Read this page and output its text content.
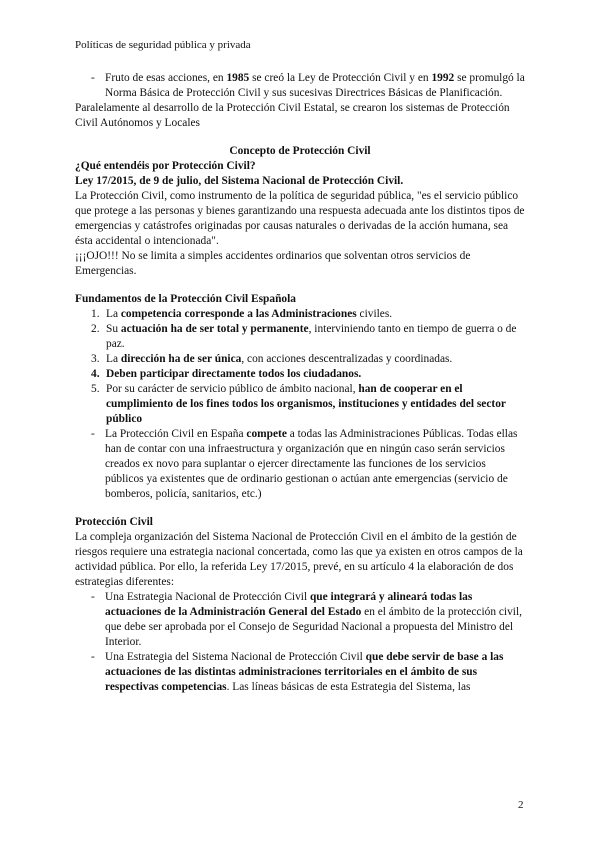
Políticas de seguridad pública y privada
- Fruto de esas acciones, en 1985 se creó la Ley de Protección Civil y en 1992 se promulgó la Norma Básica de Protección Civil y sus sucesivas Directrices Básicas de Planificación.

Paralelamente al desarrollo de la Protección Civil Estatal, se crearon los sistemas de Protección Civil Autónomos y Locales

Concepto de Protección Civil

¿Qué entendéis por Protección Civil?

Ley 17/2015, de 9 de julio, del Sistema Nacional de Protección Civil.

La Protección Civil, como instrumento de la política de seguridad pública, "es el servicio público que protege a las personas y bienes garantizando una respuesta adecuada ante los distintos tipos de emergencias y catástrofes originadas por causas naturales o derivadas de la acción humana, sea ésta accidental o intencionada".

¡¡¡OJO!!! No se limita a simples accidentes ordinarios que solventan otros servicios de Emergencias.

Fundamentos de la Protección Civil Española

1. La competencia corresponde a las Administraciones civiles.
2. Su actuación ha de ser total y permanente, interviniendo tanto en tiempo de guerra o de paz.
3. La dirección ha de ser única, con acciones descentralizadas y coordinadas.
4. Deben participar directamente todos los ciudadanos.
5. Por su carácter de servicio público de ámbito nacional, han de cooperar en el cumplimiento de los fines todos los organismos, instituciones y entidades del sector público
- La Protección Civil en España compete a todas las Administraciones Públicas. Todas ellas han de contar con una infraestructura y organización que en ningún caso serán servicios creados ex novo para suplantar o ejercer directamente las funciones de los servicios públicos ya existentes que de ordinario gestionan o actúan ante emergencias (servicio de bomberos, policía, sanitarios, etc.)

Protección Civil

La compleja organización del Sistema Nacional de Protección Civil en el ámbito de la gestión de riesgos requiere una estrategia nacional concertada, como las que ya existen en otros campos de la actividad pública. Por ello, la referida Ley 17/2015, prevé, en su artículo 4 la elaboración de dos estrategias diferentes:

- Una Estrategia Nacional de Protección Civil que integrará y alineará todas las actuaciones de la Administración General del Estado en el ámbito de la protección civil, que debe ser aprobada por el Consejo de Seguridad Nacional a propuesta del Ministro del Interior.
- Una Estrategia del Sistema Nacional de Protección Civil que debe servir de base a las actuaciones de las distintas administraciones territoriales en el ámbito de sus respectivas competencias. Las líneas básicas de esta Estrategia del Sistema, las
2
